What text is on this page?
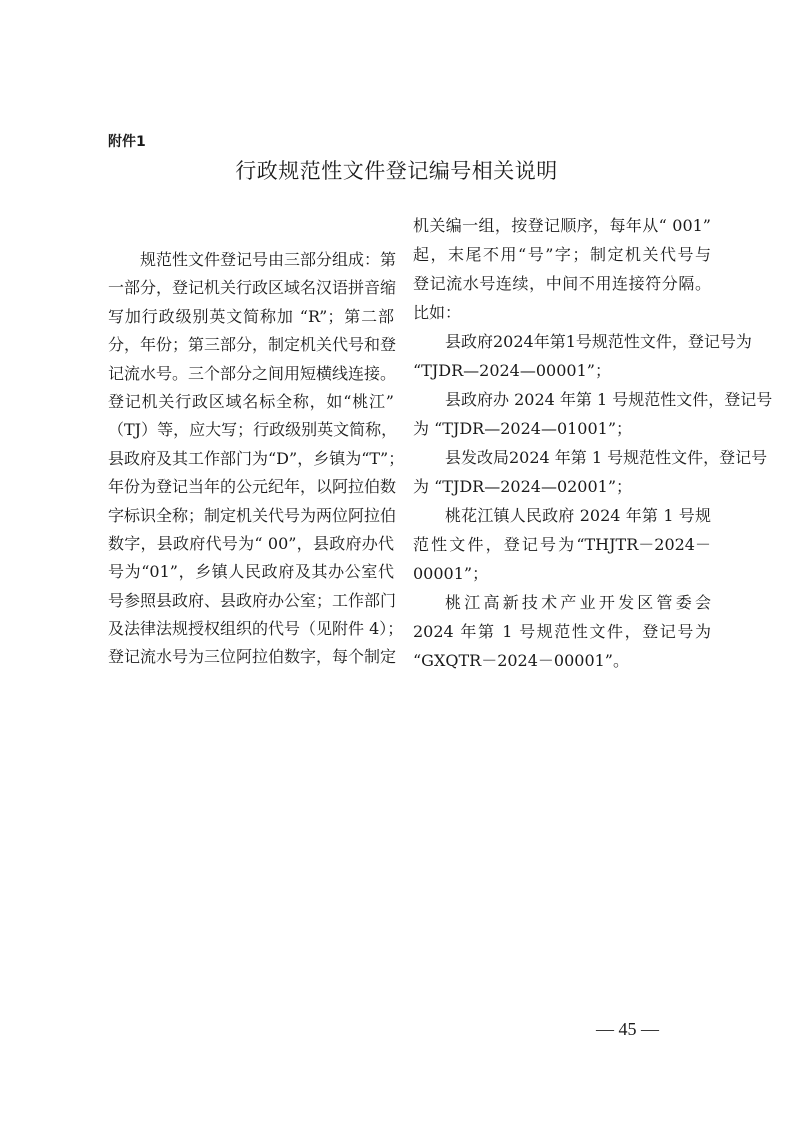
附件1
行政规范性文件登记编号相关说明
规范性文件登记号由三部分组成：第
一部分，登记机关行政区域名汉语拼音缩
写加行政级别英文简称加 “R”；第二部
分，年份；第三部分，制定机关代号和登
记流水号。三个部分之间用短横线连接。
登记机关行政区域名标全称，如“桃江”
（TJ）等，应大写；行政级别英文简称，
县政府及其工作部门为“D”，乡镇为“T”；
年份为登记当年的公元纪年，以阿拉伯数
字标识全称；制定机关代号为两位阿拉伯
数字，县政府代号为“ 00”，县政府办代
号为“01”，乡镇人民政府及其办公室代
号参照县政府、县政府办公室；工作部门
及法律法规授权组织的代号（见附件 4）；
登记流水号为三位阿拉伯数字，每个制定
机关编一组，按登记顺序，每年从“ 001”
起，末尾不用“号”字；制定机关代号与
登记流水号连续，中间不用连接符分隔。
比如：
县政府2024年第1号规范性文件，登记号为
“TJDR—2024—00001”；
县政府办 2024 年第 1 号规范性文件，登记号
为 “TJDR—2024—01001”；
县发改局2024 年第 1 号规范性文件，登记号
为 “TJDR—2024—02001”；
桃花江镇人民政府 2024 年第 1 号规
范性文件，登记号为“THJTR－2024－
00001”；
桃江高新技术产业开发区管委会
2024 年第 1 号规范性文件，登记号为
“GXQTR－2024－00001”。
— 45 —
